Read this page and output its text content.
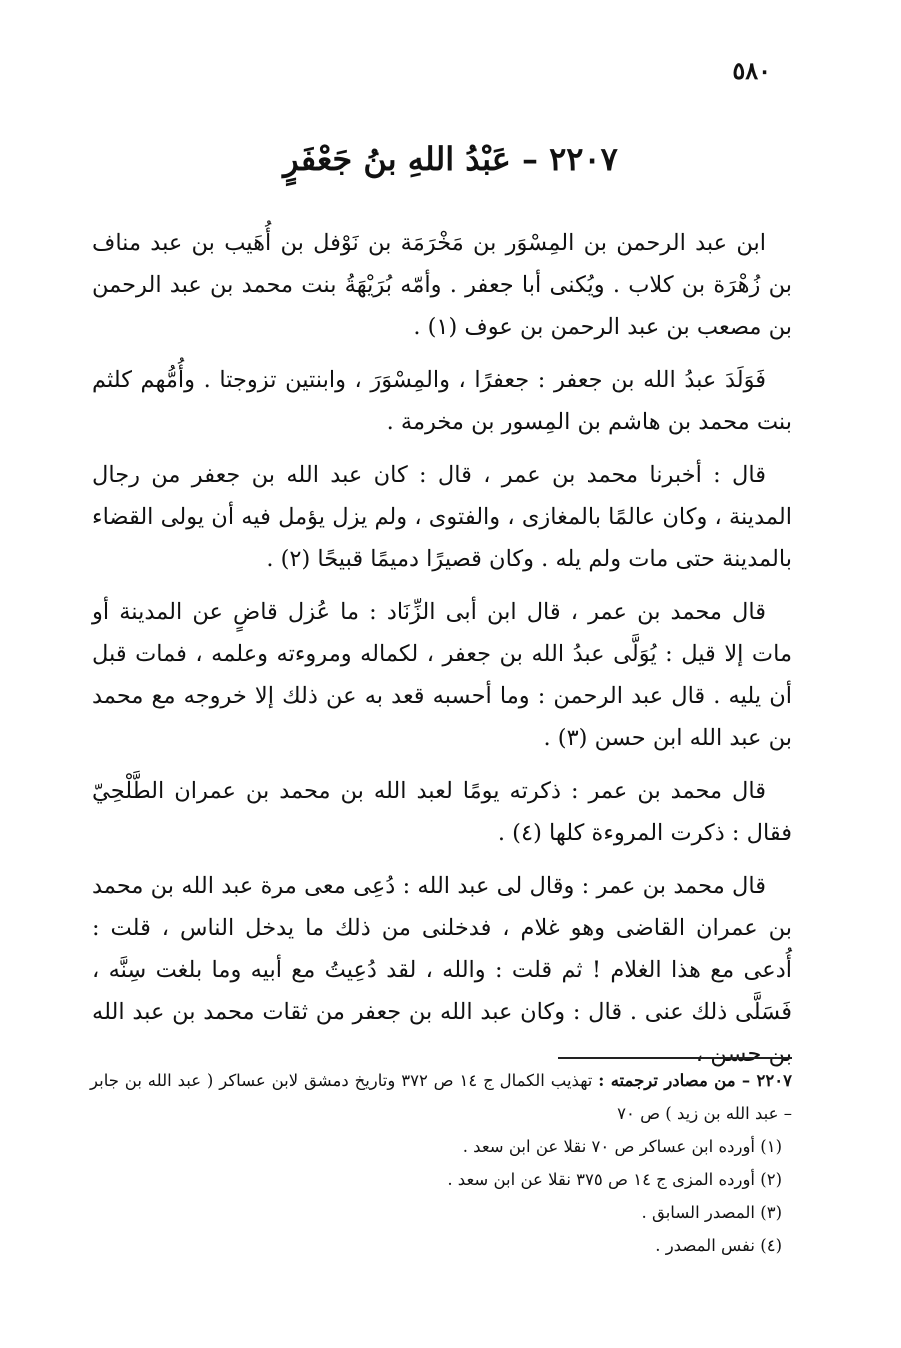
٥٨٠
٢٢٠٧ – عَبْدُ اللهِ بنُ جَعْفَرٍ

ابن عبد الرحمن بن المِسْوَر بن مَخْرَمَة بن نَوْفل بن أُهَيب بن عبد مناف بن زُهْرَة بن كلاب . ويُكنى أبا جعفر . وأمّه بُرَيْهَةُ بنت محمد بن عبد الرحمن بن مصعب بن عبد الرحمن بن عوف (١) .

فَوَلَدَ عبدُ الله بن جعفر : جعفرًا ، والمِسْوَرَ ، وابنتين تزوجتا . وأُمُّهم كلثم بنت محمد بن هاشم بن المِسور بن مخرمة .

قال : أخبرنا محمد بن عمر ، قال : كان عبد الله بن جعفر من رجال المدينة ، وكان عالمًا بالمغازى ، والفتوى ، ولم يزل يؤمل فيه أن يولى القضاء بالمدينة حتى مات ولم يله . وكان قصيرًا دميمًا قبيحًا (٢) .

قال محمد بن عمر ، قال ابن أبى الزِّنَاد : ما عُزل قاضٍ عن المدينة أو مات إلا قيل : يُوَلَّى عبدُ الله بن جعفر ، لكماله ومروءته وعلمه ، فمات قبل أن يليه . قال عبد الرحمن : وما أحسبه قعد به عن ذلك إلا خروجه مع محمد بن عبد الله ابن حسن (٣) .

قال محمد بن عمر : ذكرته يومًا لعبد الله بن محمد بن عمران الطَّلْحِيّ فقال : ذكرت المروءة كلها (٤) .

قال محمد بن عمر : وقال لى عبد الله : دُعِى معى مرة عبد الله بن محمد بن عمران القاضى وهو غلام ، فدخلنى من ذلك ما يدخل الناس ، قلت : أُدعى مع هذا الغلام ! ثم قلت : والله ، لقد دُعِيتُ مع أبيه وما بلغت سِنَّه ، فَسَلَّى ذلك عنى . قال : وكان عبد الله بن جعفر من ثقات محمد بن عبد الله بن حسن ،

٢٢٠٧ – من مصادر ترجمته : تهذيب الكمال ج ١٤ ص ٣٧٢ وتاريخ دمشق لابن عساكر ( عبد الله بن جابر – عبد الله بن زيد ) ص ٧٠

(١) أورده ابن عساكر ص ٧٠ نقلا عن ابن سعد .

(٢) أورده المزى ج ١٤ ص ٣٧٥ نقلا عن ابن سعد .

(٣) المصدر السابق .

(٤) نفس المصدر .
